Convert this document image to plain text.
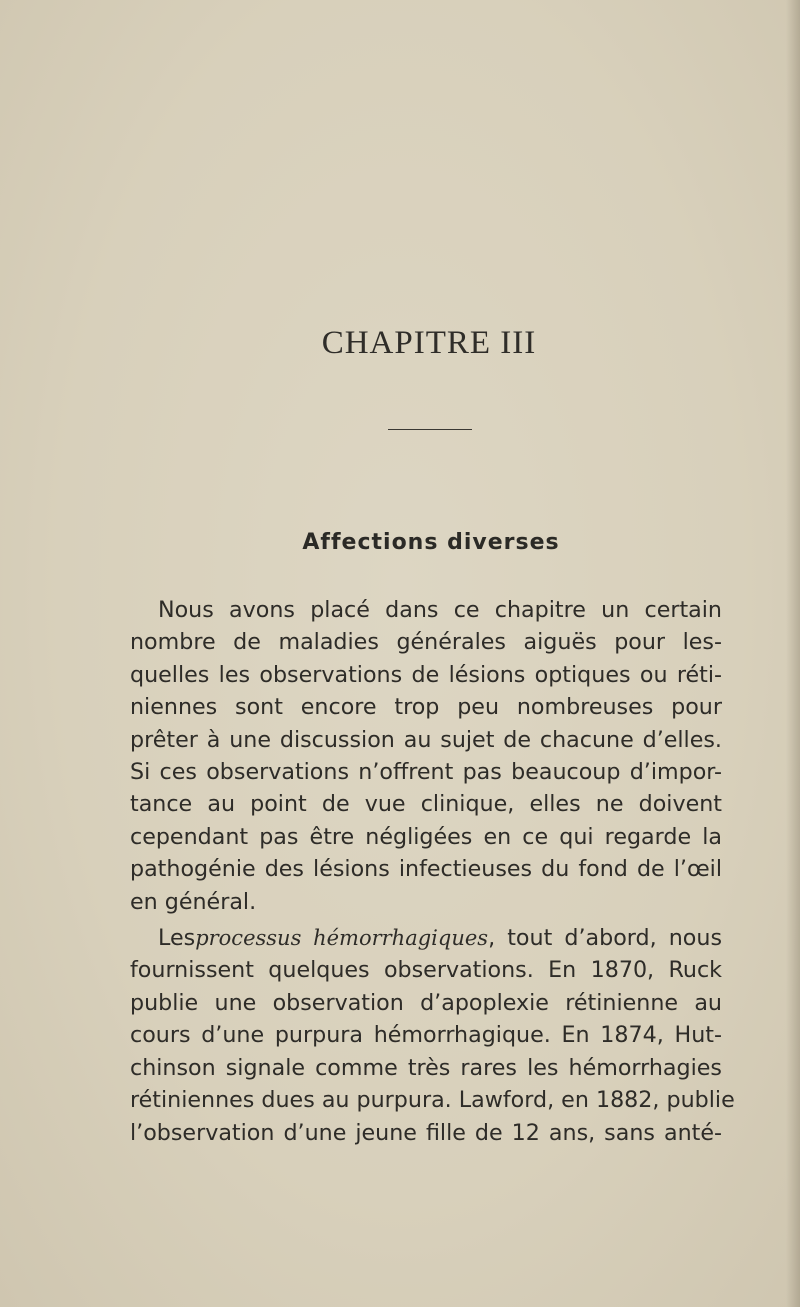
CHAPITRE III
Affections diverses
Nous avons placé dans ce chapitre un certain
nombre de maladies générales aiguës pour les-
quelles les observations de lésions optiques ou réti-
niennes sont encore trop peu nombreuses pour
prêter à une discussion au sujet de chacune d’elles.
Si ces observations n’offrent pas beaucoup d’impor-
tance au point de vue clinique, elles ne doivent
cependant pas être négligées en ce qui regarde la
pathogénie des lésions infectieuses du fond de l’œil
en général.
Lesprocessus hémorrhagiques, tout d’abord, nous
fournissent quelques observations. En 1870, Ruck
publie une observation d’apoplexie rétinienne au
cours d’une purpura hémorrhagique. En 1874, Hut-
chinson signale comme très rares les hémorrhagies
rétiniennes dues au purpura. Lawford, en 1882, publie
l’observation d’une jeune fille de 12 ans, sans anté-
